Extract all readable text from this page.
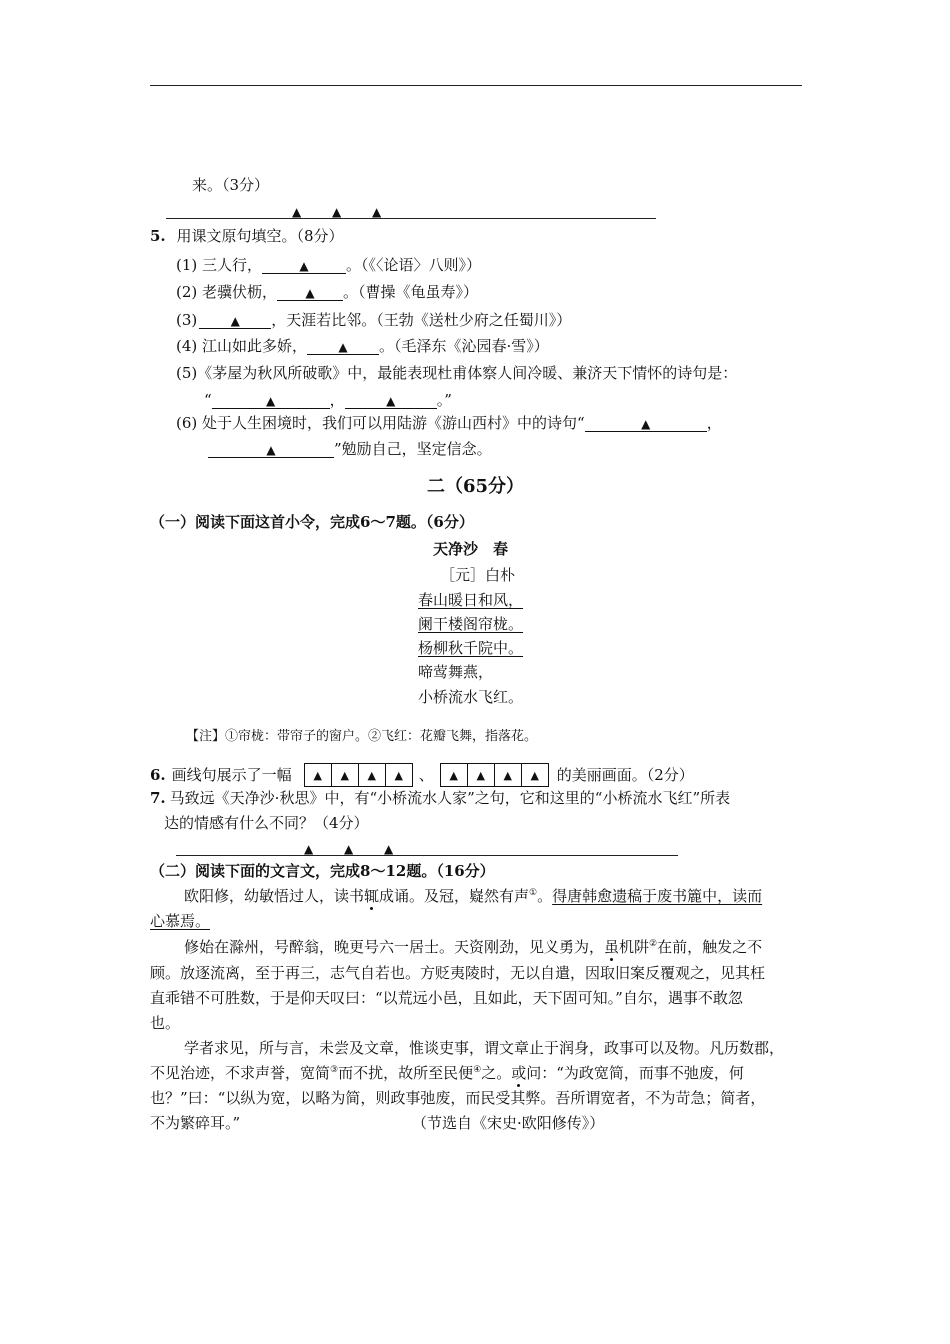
来。（3分）
▲	▲	▲
5. 用课文原句填空。（8分）
(1) 三人行，	▲ 。（《〈论语〉八则》）
(2) 老骥伏枥， ▲ 。（曹操《龟虽寿》）
(3)	▲ ，天涯若比邻。（王勃《送杜少府之任蜀川》）
(4) 江山如此多娇，	▲ 。（毛泽东《沁园春·雪》）
(5)《茅屋为秋风所破歌》中，最能表现杜甫体察人间冷暖、兼济天下情怀的诗句是：
“	▲	，	▲	。”
(6) 处于人生困境时，我们可以用陆游《游山西村》中的诗句“	▲	，
▲	”勉励自己，坚定信念。
二（65分）
（一）阅读下面这首小令，完成6～7题。（6分）
天净沙　春
［元］白朴
春山暖日和风，
阑干楼阁帘栊。
杨柳秋千院中。
啼莺舞燕，
小桥流水飞红。
【注】①帘栊：带帘子的窗户。②飞红：花瓣飞舞，指落花。
6. 画线句展示了一幅	▲	▲	▲	▲	、	▲	▲	▲	▲	的美丽画面。（2分）
7. 马致远《天净沙·秋思》中，有“小桥流水人家”之句，它和这里的“小桥流水飞红”所表
达的情感有什么不同？（4分）
▲	▲	▲
（二）阅读下面的文言文，完成8～12题。（16分）
欧阳修，幼敏悟过人，读书辄成诵。及冠，嶷然有声①。得唐韩愈遗稿于废书簏中，读而
心慕焉。
修始在滁州，号醉翁，晚更号六一居士。天资刚劲，见义勇为，虽机阱②在前，触发之不
顾。放逐流离，至于再三，志气自若也。方贬夷陵时，无以自遣，因取旧案反覆观之，见其枉
直乖错不可胜数，于是仰天叹曰：“以荒远小邑，且如此，天下固可知。”自尔，遇事不敢忽
也。
学者求见，所与言，未尝及文章，惟谈吏事，谓文章止于润身，政事可以及物。凡历数郡，
不见治迹，不求声誉，宽简③而不扰，故所至民便④之。或问：“为政宽简，而事不弛废，何
也？”曰：“以纵为宽，以略为简，则政事弛废，而民受其弊。吾所谓宽者，不为苛急；简者，
不为繁碎耳。”	（节选自《宋史·欧阳修传》）
